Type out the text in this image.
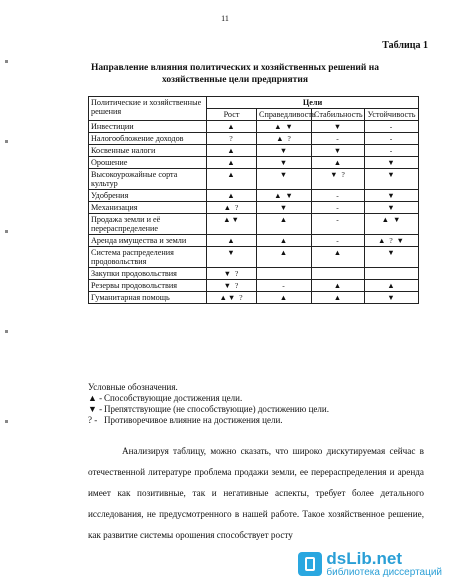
11
Таблица 1
Направление влияния политических и хозяйственных решений на хозяйственные цели предприятия
Политические и хозяйственные решения	Цели			
	Рост	Справедливость	Стабильность	Устойчивость
Инвестиции	▲	▲ ▼	▼	-
Налогообложение доходов	?	▲ ?	-	-
Косвенные налоги	▲	▼	▼	-
Орошение	▲	▼	▲	▼
Высокоурожайные сорта культур	▲	▼	▼ ?	▼
Удобрения	▲	▲ ▼	-	▼
Механизация	▲ ?	▼	-	▼
Продажа земли и её перераспределение	▲▼	▲	-	▲ ▼
Аренда имущества и земли	▲	▲	-	▲ ? ▼
Система распределения продовольствия	▼	▲	▲	▼
Закупки продовольствия	▼ ?			
Резервы продовольствия	▼ ?	-	▲	▲
Гуманитарная помощь	▲▼ ?	▲	▲	▼
Условные обозначения.
▲ - Способствующие достижения цели.
▼ - Препятствующие (не способствующие) достижению цели.
? - Противоречивое влияние на достижения цели.
Анализируя таблицу, можно сказать, что широко дискутируемая сейчас в отечественной литературе проблема продажи земли, ее перераспределения и аренда имеет как позитивные, так и негативные аспекты, требует более детального исследования, не предусмотренного в нашей работе. Такое хозяйственное решение, как развитие системы орошения способствует росту
dsLib.net
библиотека диссертаций
